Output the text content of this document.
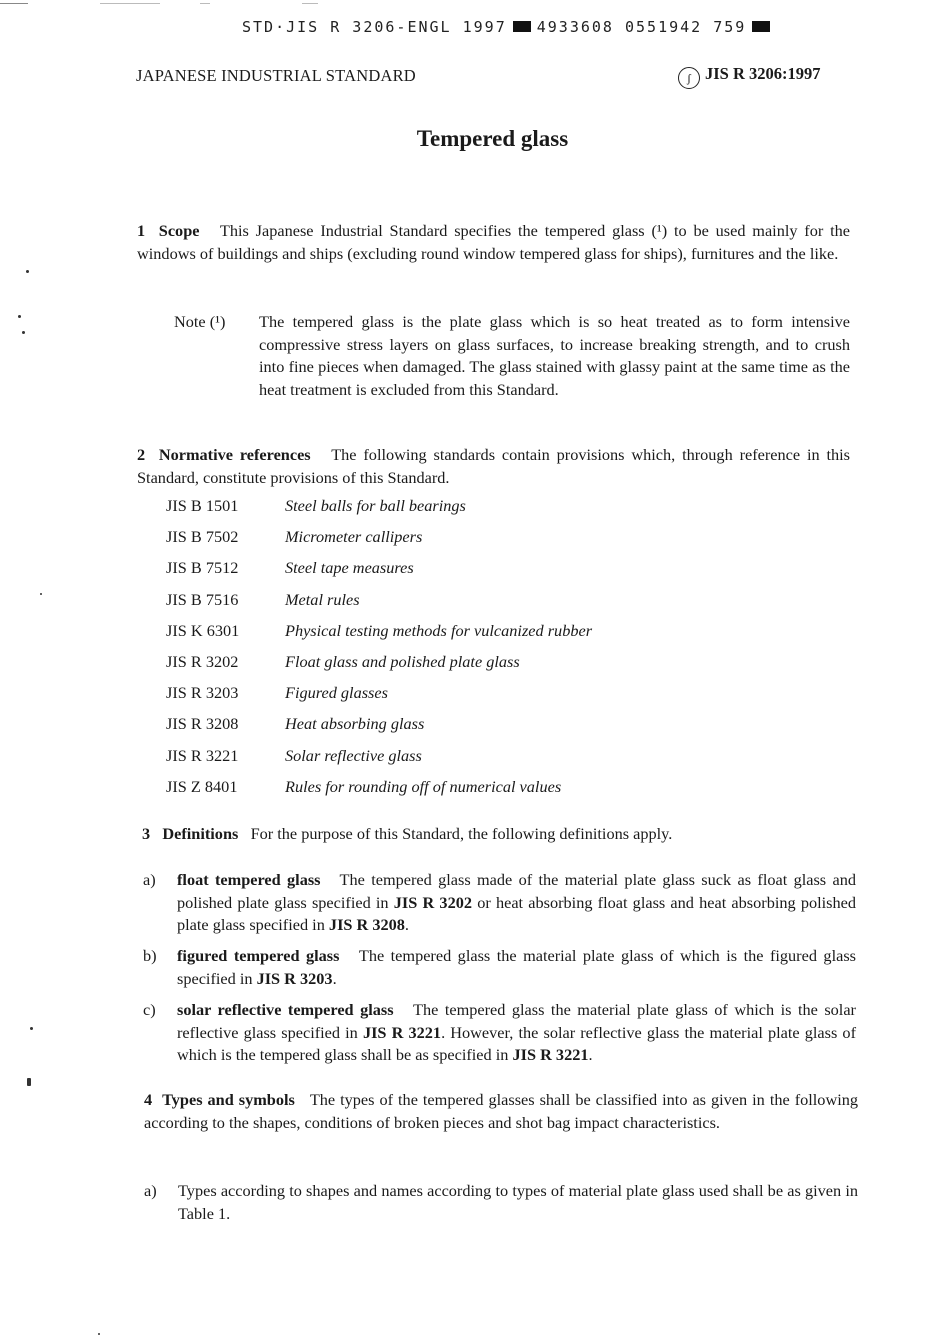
STD·JIS R 3206-ENGL 1997 4933608 0551942 759
JAPANESE INDUSTRIAL STANDARD	ʃ JIS R 3206:1997
Tempered glass
1 Scope This Japanese Industrial Standard specifies the tempered glass (¹) to be used mainly for the windows of buildings and ships (excluding round window tempered glass for ships), furnitures and the like.
Note (¹) The tempered glass is the plate glass which is so heat treated as to form intensive compressive stress layers on glass surfaces, to increase breaking strength, and to crush into fine pieces when damaged. The glass stained with glassy paint at the same time as the heat treatment is excluded from this Standard.
2 Normative references The following standards contain provisions which, through reference in this Standard, constitute provisions of this Standard.
JIS B 1501	Steel balls for ball bearings
JIS B 7502	Micrometer callipers
JIS B 7512	Steel tape measures
JIS B 7516	Metal rules
JIS K 6301	Physical testing methods for vulcanized rubber
JIS R 3202	Float glass and polished plate glass
JIS R 3203	Figured glasses
JIS R 3208	Heat absorbing glass
JIS R 3221	Solar reflective glass
JIS Z 8401	Rules for rounding off of numerical values
3 Definitions For the purpose of this Standard, the following definitions apply.
a) float tempered glass The tempered glass made of the material plate glass suck as float glass and polished plate glass specified in JIS R 3202 or heat absorbing float glass and heat absorbing polished plate glass specified in JIS R 3208.
b) figured tempered glass The tempered glass the material plate glass of which is the figured glass specified in JIS R 3203.
c) solar reflective tempered glass The tempered glass the material plate glass of which is the solar reflective glass specified in JIS R 3221. However, the solar reflective glass the material plate glass of which is the tempered glass shall be as specified in JIS R 3221.
4 Types and symbols The types of the tempered glasses shall be classified into as given in the following according to the shapes, conditions of broken pieces and shot bag impact characteristics.
a) Types according to shapes and names according to types of material plate glass used shall be as given in Table 1.
